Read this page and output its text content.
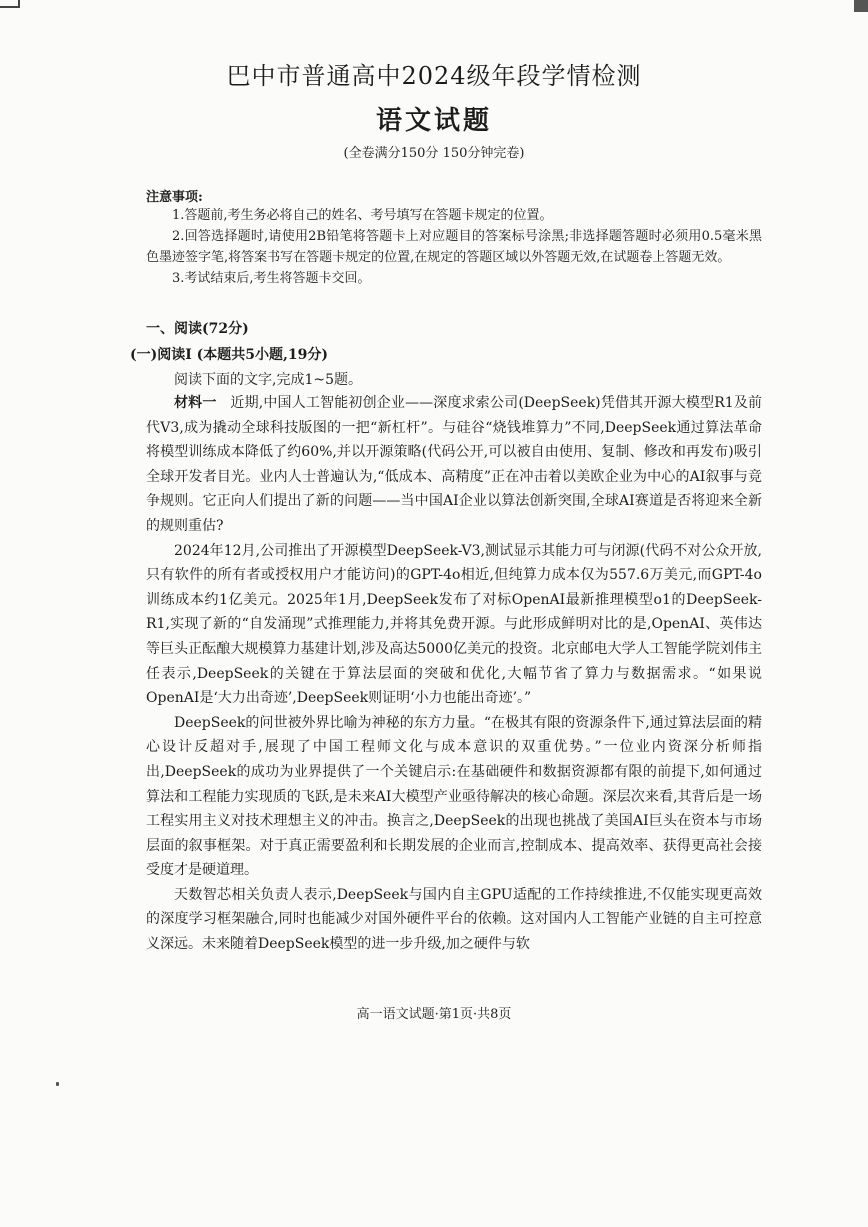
巴中市普通高中2024级年段学情检测
语文试题
(全卷满分150分 150分钟完卷)
注意事项:

1.答题前,考生务必将自己的姓名、考号填写在答题卡规定的位置。

2.回答选择题时,请使用2B铅笔将答题卡上对应题目的答案标号涂黑;非选择题答题时必须用0.5毫米黑色墨迹签字笔,将答案书写在答题卡规定的位置,在规定的答题区域以外答题无效,在试题卷上答题无效。

3.考试结束后,考生将答题卡交回。

一、阅读(72分)
(一)阅读I (本题共5小题,19分)
阅读下面的文字,完成1~5题。

材料一 近期,中国人工智能初创企业——深度求索公司(DeepSeek)凭借其开源大模型R1及前代V3,成为撬动全球科技版图的一把“新杠杆”。与硅谷“烧钱堆算力”不同,DeepSeek通过算法革命将模型训练成本降低了约60%,并以开源策略(代码公开,可以被自由使用、复制、修改和再发布)吸引全球开发者目光。业内人士普遍认为,“低成本、高精度”正在冲击着以美欧企业为中心的AI叙事与竞争规则。它正向人们提出了新的问题——当中国AI企业以算法创新突围,全球AI赛道是否将迎来全新的规则重估?

2024年12月,公司推出了开源模型DeepSeek-V3,测试显示其能力可与闭源(代码不对公众开放,只有软件的所有者或授权用户才能访问)的GPT-4o相近,但纯算力成本仅为557.6万美元,而GPT-4o训练成本约1亿美元。2025年1月,DeepSeek发布了对标OpenAI最新推理模型o1的DeepSeek-R1,实现了新的“自发涌现”式推理能力,并将其免费开源。与此形成鲜明对比的是,OpenAI、英伟达等巨头正酝酿大规模算力基建计划,涉及高达5000亿美元的投资。北京邮电大学人工智能学院刘伟主任表示,DeepSeek的关键在于算法层面的突破和优化,大幅节省了算力与数据需求。“如果说OpenAI是‘大力出奇迹’,DeepSeek则证明‘小力也能出奇迹’。”

DeepSeek的问世被外界比喻为神秘的东方力量。“在极其有限的资源条件下,通过算法层面的精心设计反超对手,展现了中国工程师文化与成本意识的双重优势。”一位业内资深分析师指出,DeepSeek的成功为业界提供了一个关键启示:在基础硬件和数据资源都有限的前提下,如何通过算法和工程能力实现质的飞跃,是未来AI大模型产业亟待解决的核心命题。深层次来看,其背后是一场工程实用主义对技术理想主义的冲击。换言之,DeepSeek的出现也挑战了美国AI巨头在资本与市场层面的叙事框架。对于真正需要盈利和长期发展的企业而言,控制成本、提高效率、获得更高社会接受度才是硬道理。

天数智芯相关负责人表示,DeepSeek与国内自主GPU适配的工作持续推进,不仅能实现更高效的深度学习框架融合,同时也能减少对国外硬件平台的依赖。这对国内人工智能产业链的自主可控意义深远。未来随着DeepSeek模型的进一步升级,加之硬件与软

高一语文试题·第1页·共8页
